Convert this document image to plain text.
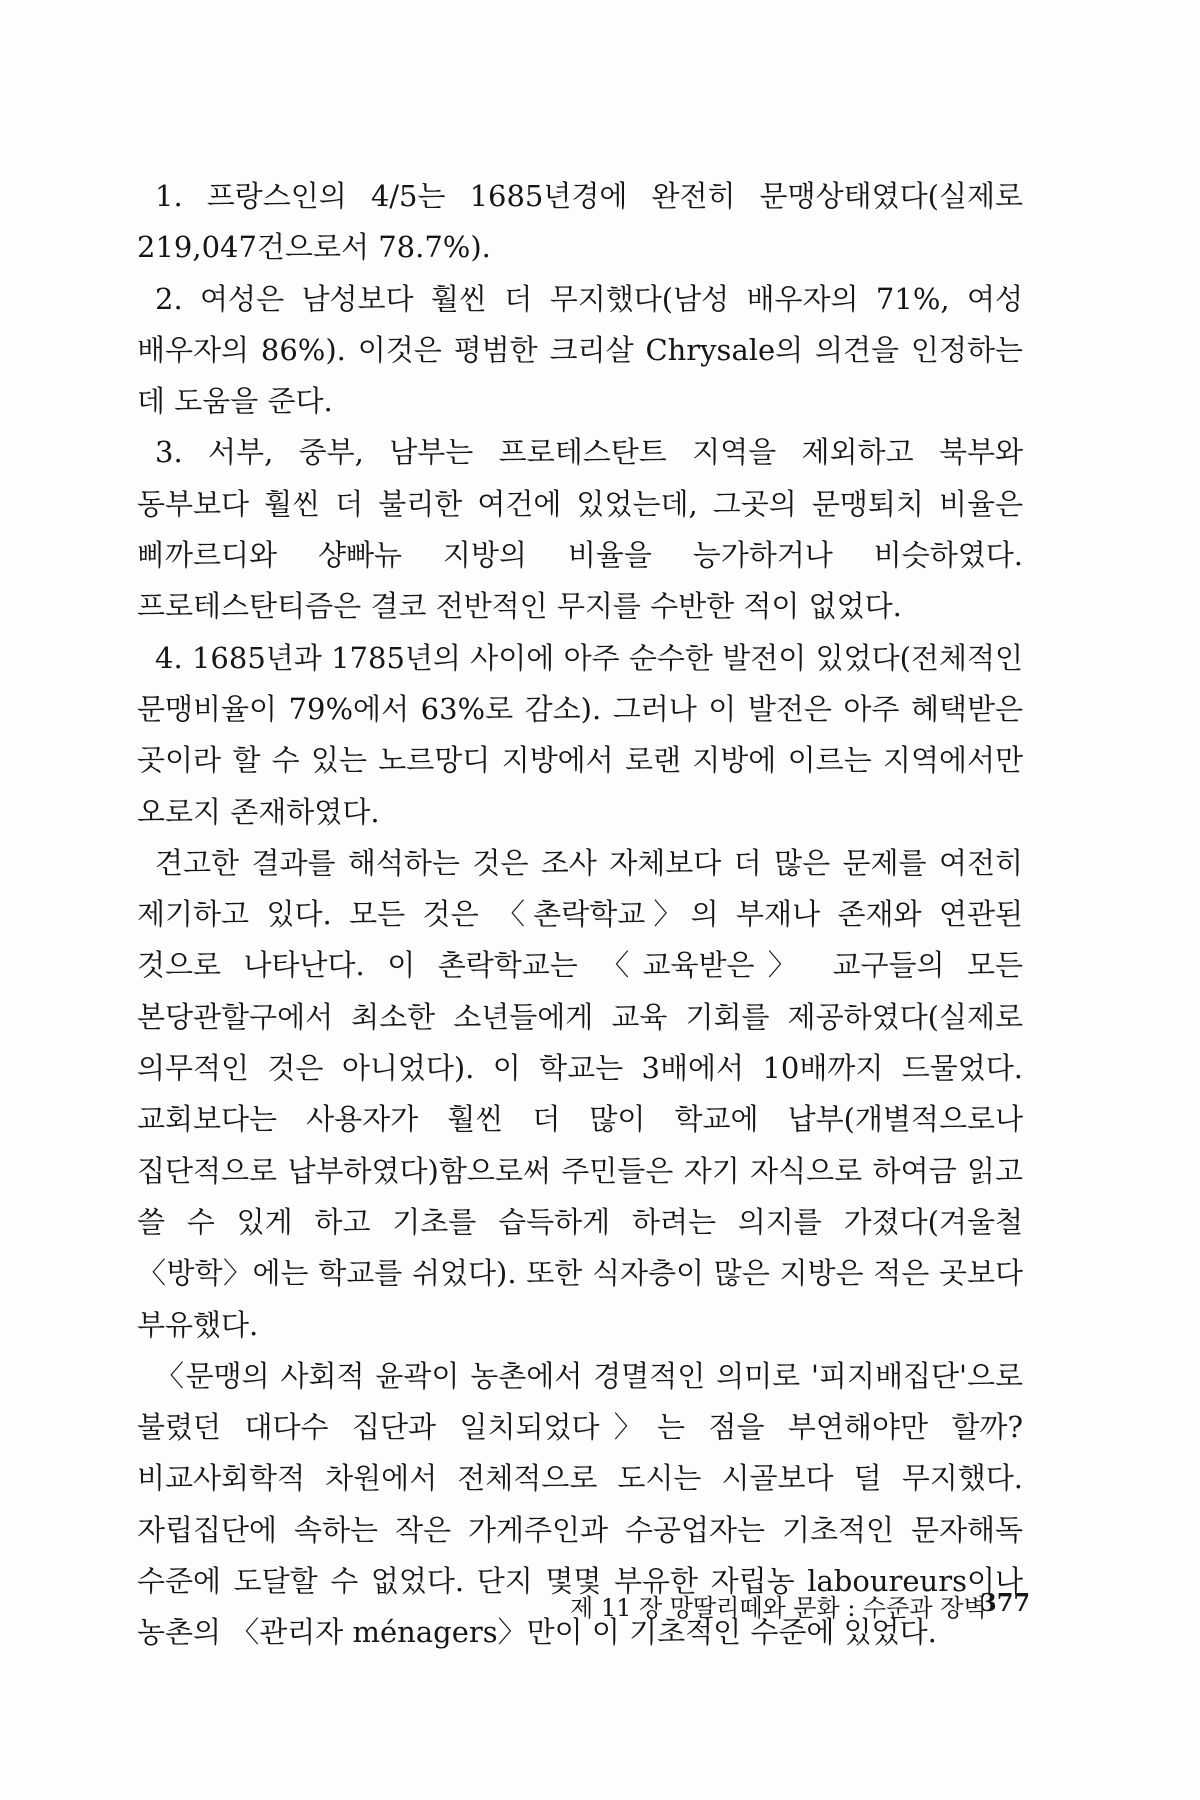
1. 프랑스인의 4/5는 1685년경에 완전히 문맹상태였다(실제로 219,047건으로서 78.7%).

2. 여성은 남성보다 훨씬 더 무지했다(남성 배우자의 71%, 여성 배우자의 86%). 이것은 평범한 크리살 Chrysale의 의견을 인정하는 데 도움을 준다.

3. 서부, 중부, 남부는 프로테스탄트 지역을 제외하고 북부와 동부보다 훨씬 더 불리한 여건에 있었는데, 그곳의 문맹퇴치 비율은 삐까르디와 샹빠뉴 지방의 비율을 능가하거나 비슷하였다. 프로테스탄티즘은 결코 전반적인 무지를 수반한 적이 없었다.

4. 1685년과 1785년의 사이에 아주 순수한 발전이 있었다(전체적인 문맹비율이 79%에서 63%로 감소). 그러나 이 발전은 아주 혜택받은 곳이라 할 수 있는 노르망디 지방에서 로랜 지방에 이르는 지역에서만 오로지 존재하였다.

견고한 결과를 해석하는 것은 조사 자체보다 더 많은 문제를 여전히 제기하고 있다. 모든 것은 〈촌락학교〉의 부재나 존재와 연관된 것으로 나타난다. 이 촌락학교는 〈교육받은〉 교구들의 모든 본당관할구에서 최소한 소년들에게 교육 기회를 제공하였다(실제로 의무적인 것은 아니었다). 이 학교는 3배에서 10배까지 드물었다. 교회보다는 사용자가 훨씬 더 많이 학교에 납부(개별적으로나 집단적으로 납부하였다)함으로써 주민들은 자기 자식으로 하여금 읽고 쓸 수 있게 하고 기초를 습득하게 하려는 의지를 가졌다(겨울철 〈방학〉에는 학교를 쉬었다). 또한 식자층이 많은 지방은 적은 곳보다 부유했다.

〈문맹의 사회적 윤곽이 농촌에서 경멸적인 의미로 '피지배집단'으로 불렸던 대다수 집단과 일치되었다〉는 점을 부연해야만 할까? 비교사회학적 차원에서 전체적으로 도시는 시골보다 덜 무지했다. 자립집단에 속하는 작은 가게주인과 수공업자는 기초적인 문자해독 수준에 도달할 수 없었다. 단지 몇몇 부유한 자립농 laboureurs이나 농촌의 〈관리자 ménagers〉만이 이 기초적인 수준에 있었다.

제 11 장 망딸리떼와 문화 : 수준과 장벽
377
